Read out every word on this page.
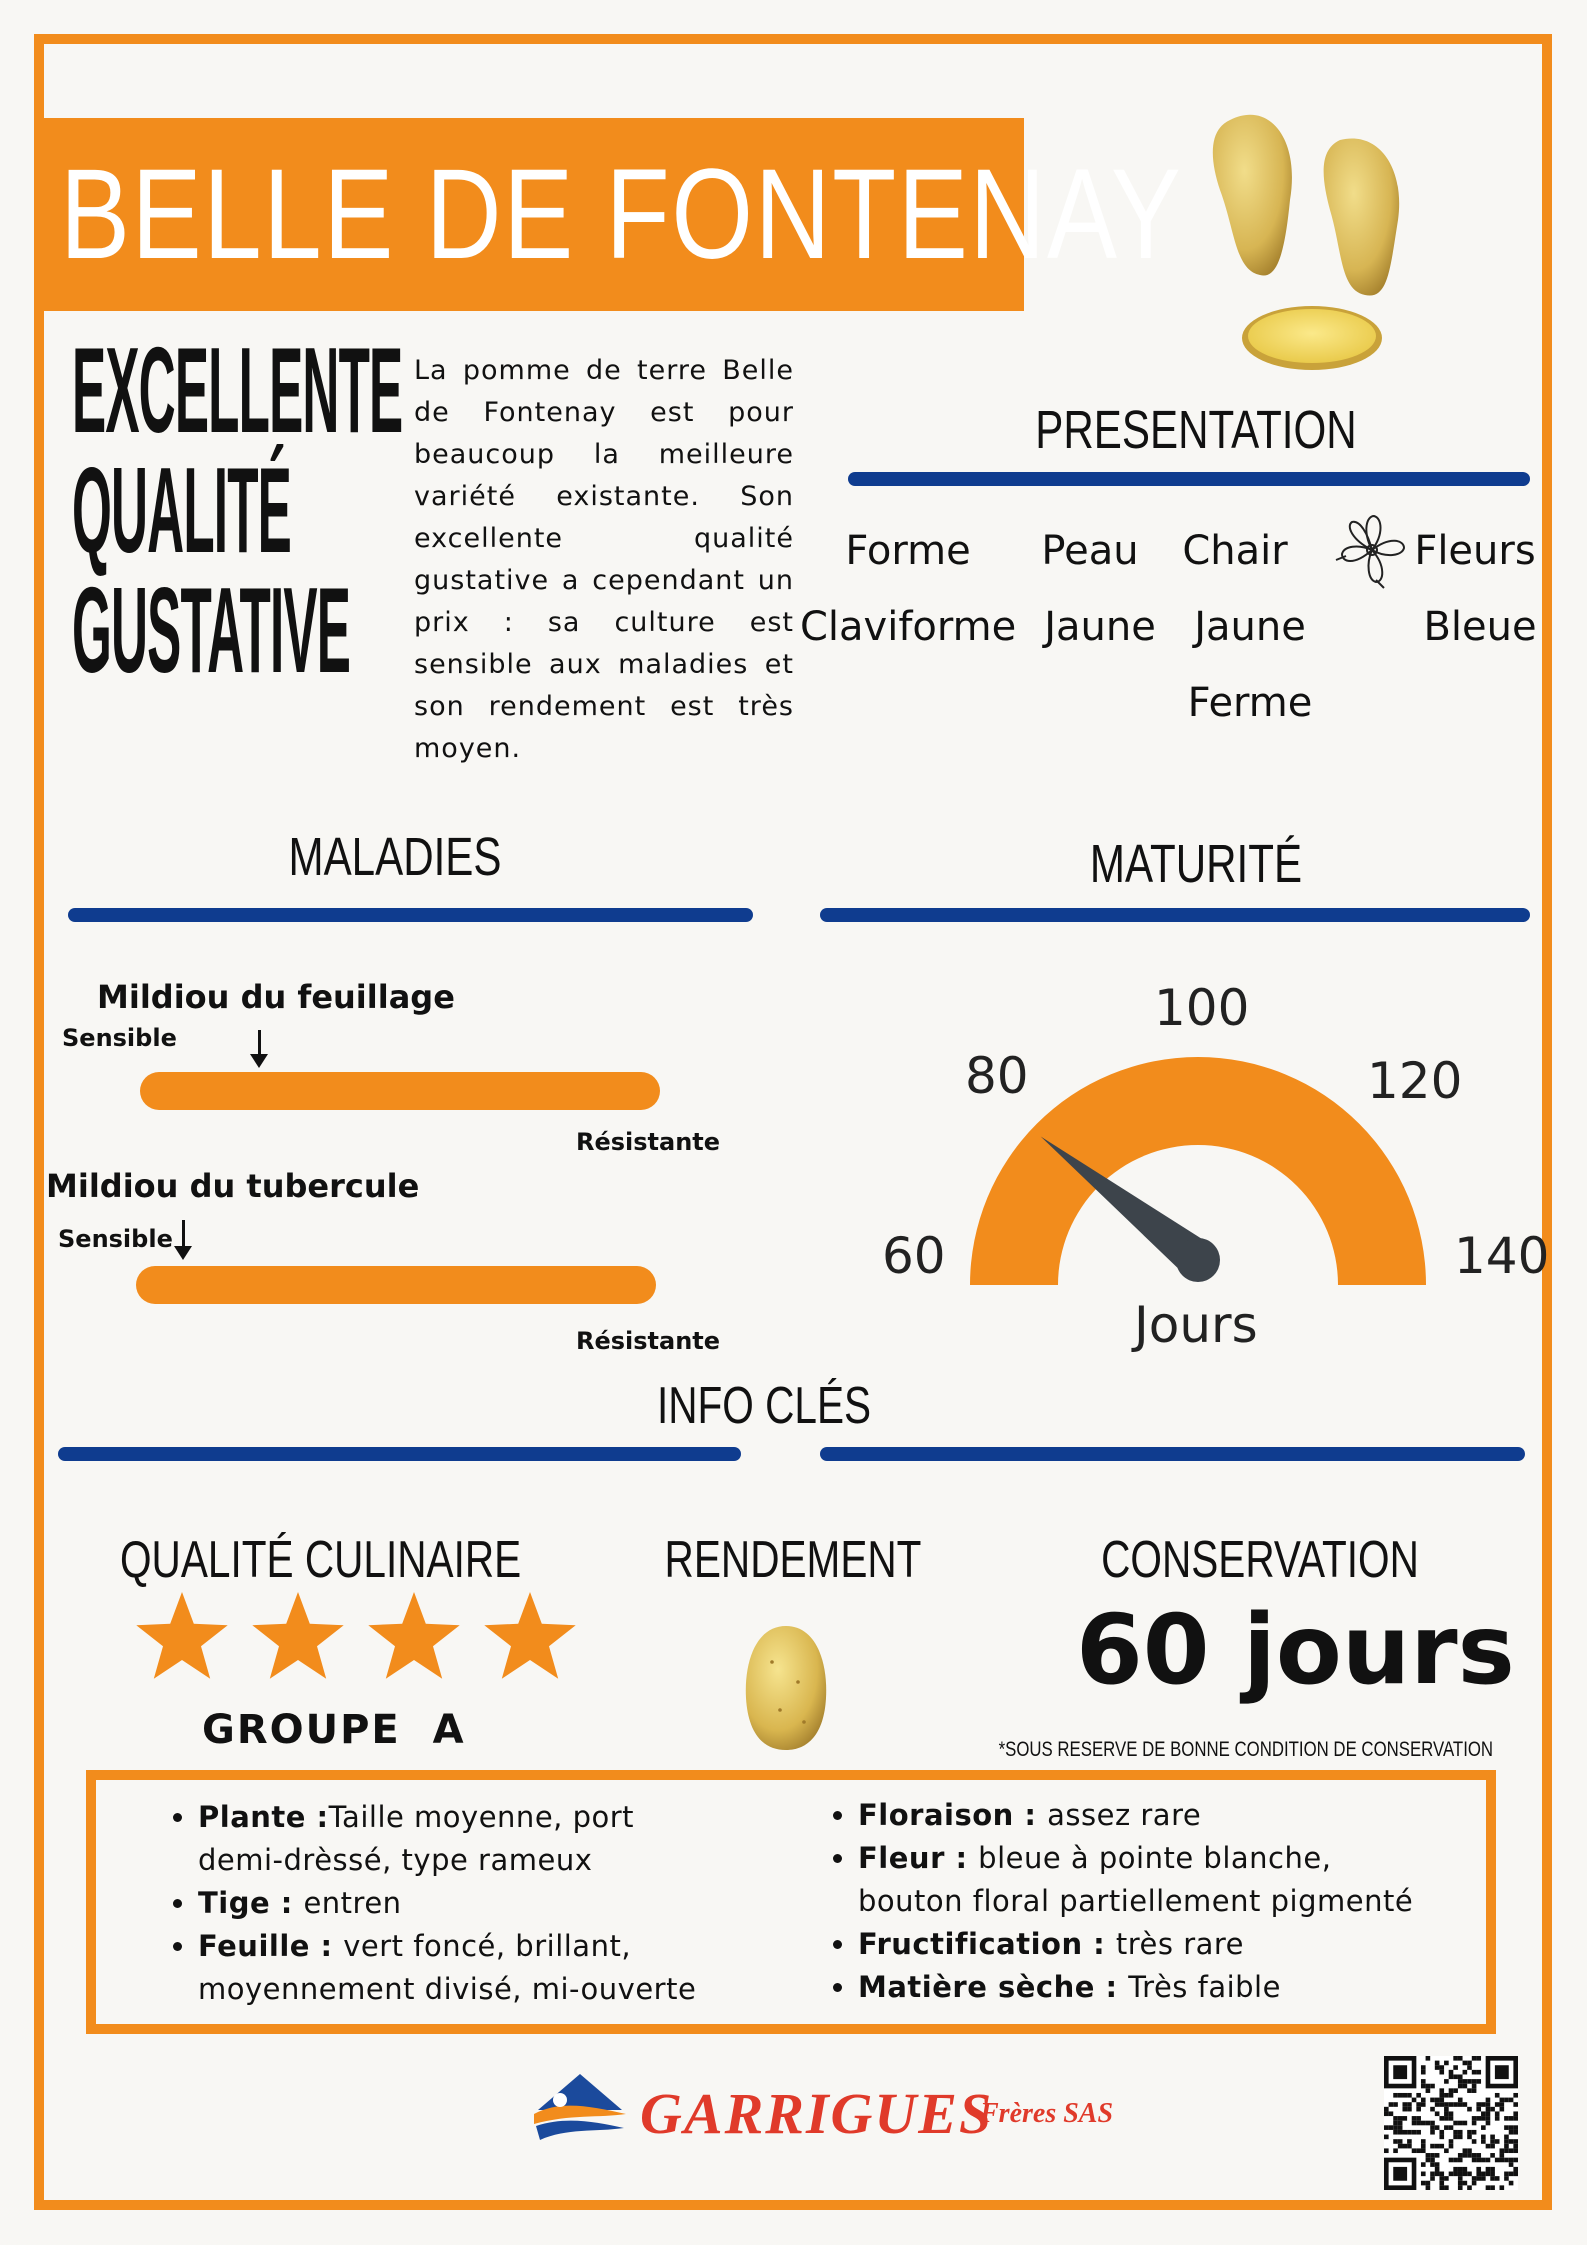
BELLE DE FONTENAY
EXCELLENTE
QUALITÉ
GUSTATIVE
La pomme de terre Belle de Fontenay est pour beaucoup la meilleure variété existante. Son excellente qualité gustative a cependant un prix : sa culture est sensible aux maladies et son rendement est très moyen.
PRESENTATION
Forme
Claviforme
Peau
Jaune
Chair
Jaune
Ferme
Fleurs
Bleue
MALADIES
Mildiou du feuillage
Sensible
Résistante
Mildiou du tubercule
Sensible
Résistante
MATURITÉ
60
80
100
120
140
Jours
INFO CLÉS
QUALITÉ CULINAIRE
GROUPE  A
RENDEMENT	CONSERVATION
60 jours
*SOUS RESERVE DE BONNE CONDITION DE CONSERVATION
• Plante :Taille moyenne, port demi-drèssé, type rameux
• Tige : entren
• Feuille : vert foncé, brillant, moyennement divisé, mi-ouverte
• Floraison : assez rare
• Fleur : bleue à pointe blanche, bouton floral partiellement pigmenté
• Fructification : très rare
• Matière sèche : Très faible
GARRIGUES
Frères SAS
